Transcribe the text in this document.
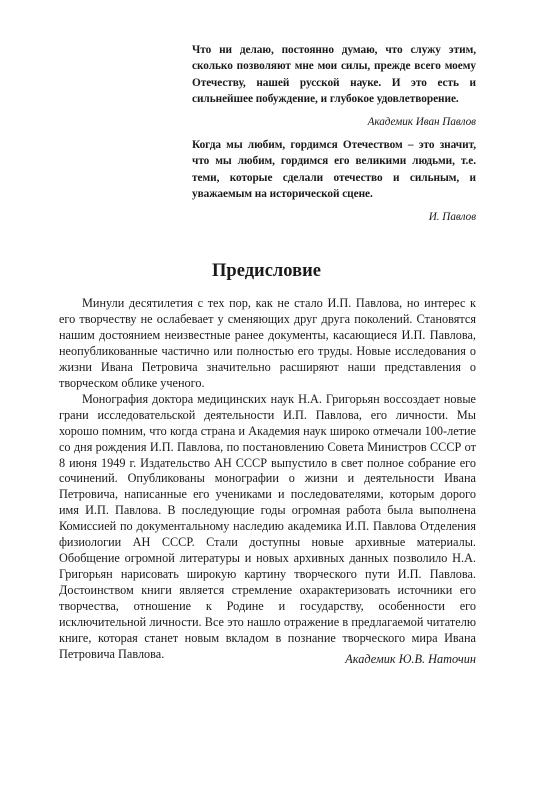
Что ни делаю, постоянно думаю, что служу этим, сколько позволяют мне мои силы, прежде всего моему Отечеству, нашей русской науке. И это есть и сильнейшее побуждение, и глубокое удовлетворение.

Академик Иван Павлов

Когда мы любим, гордимся Отечеством – это значит, что мы любим, гордимся его великими людьми, т.е. теми, которые сделали отечество и сильным, и уважаемым на исторической сцене.

И. Павлов

Предисловие

Минули десятилетия с тех пор, как не стало И.П. Павлова, но интерес к его творчеству не ослабевает у сменяющих друг друга поколений. Становятся нашим достоянием неизвестные ранее документы, касающиеся И.П. Павлова, неопубликованные частично или полностью его труды. Новые исследования о жизни Ивана Петровича значительно расширяют наши представления о творческом облике ученого.

Монография доктора медицинских наук Н.А. Григорьян воссоздает новые грани исследовательской деятельности И.П. Павлова, его личности. Мы хорошо помним, что когда страна и Академия наук широко отмечали 100-летие со дня рождения И.П. Павлова, по постановлению Совета Министров СССР от 8 июня 1949 г. Издательство АН СССР выпустило в свет полное собрание его сочинений. Опубликованы монографии о жизни и деятельности Ивана Петровича, написанные его учениками и последователями, которым дорого имя И.П. Павлова. В последующие годы огромная работа была выполнена Комиссией по документальному наследию академика И.П. Павлова Отделения физиологии АН СССР. Стали доступны новые архивные материалы. Обобщение огромной литературы и новых архивных данных позволило Н.А. Григорьян нарисовать широкую картину творческого пути И.П. Павлова. Достоинством книги является стремление охарактеризовать источники его творчества, отношение к Родине и государству, особенности его исключительной личности. Все это нашло отражение в предлагаемой читателю книге, которая станет новым вкладом в познание творческого мира Ивана Петровича Павлова.	Академик Ю.В. Наточин
